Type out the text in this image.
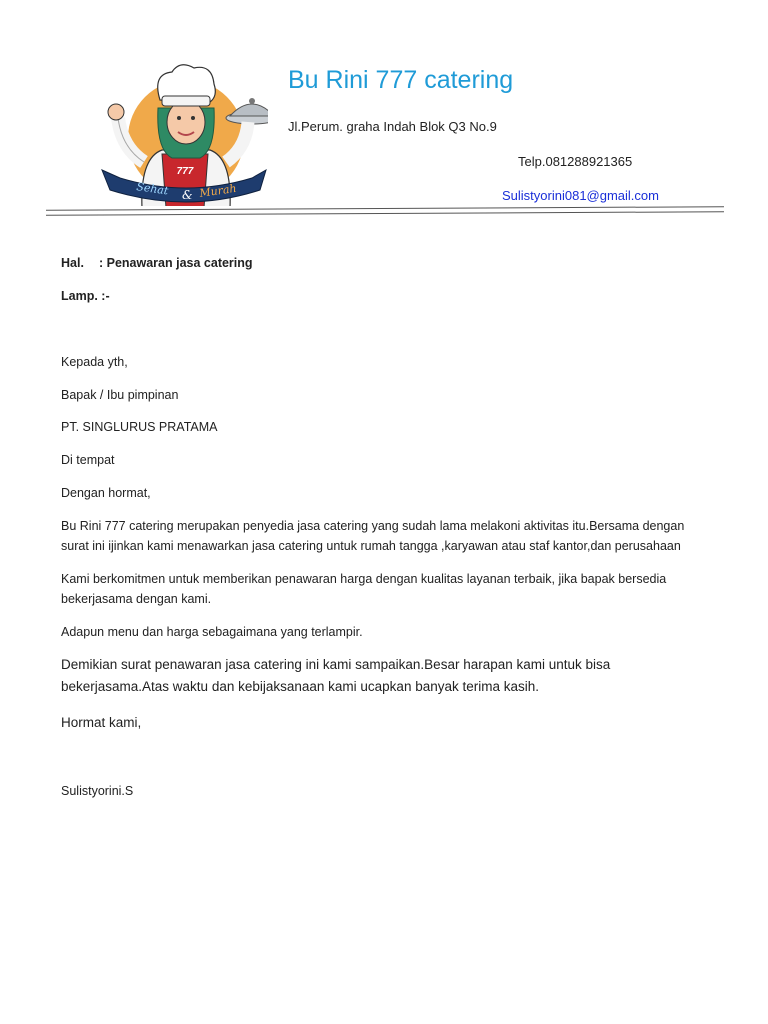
777
Sehat & Murah
Bu Rini 777 catering
Jl.Perum. graha Indah Blok Q3 No.9
Telp.081288921365
Sulistyorini081@gmail.com
Hal. : Penawaran jasa catering
Lamp. :-
Kepada yth,
Bapak / Ibu pimpinan
PT. SINGLURUS PRATAMA
Di tempat
Dengan hormat,
Bu Rini 777 catering merupakan penyedia jasa catering yang sudah lama melakoni aktivitas itu.Bersama dengan surat ini ijinkan kami menawarkan jasa catering untuk rumah tangga ,karyawan atau staf kantor,dan perusahaan
Kami berkomitmen untuk memberikan penawaran harga dengan kualitas layanan terbaik, jika bapak bersedia bekerjasama dengan kami.
Adapun menu dan harga sebagaimana yang terlampir.
Demikian surat penawaran jasa catering ini kami sampaikan.Besar harapan kami untuk bisa bekerjasama.Atas waktu dan kebijaksanaan kami ucapkan banyak terima kasih.
Hormat kami,
Sulistyorini.S
